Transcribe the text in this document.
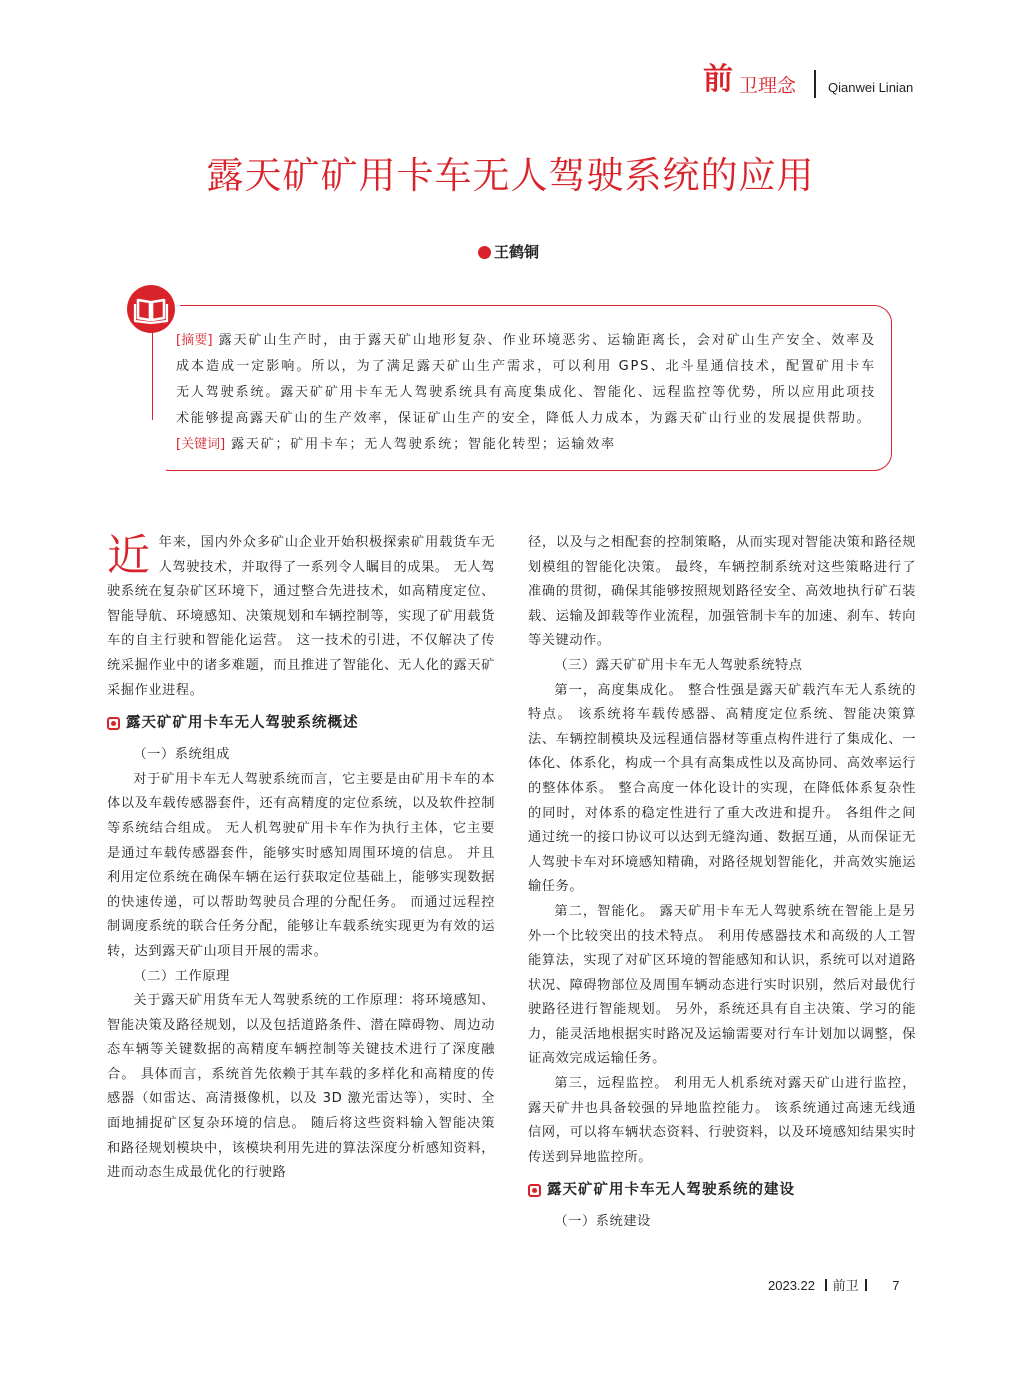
前 卫理念 Qianwei Linian
露天矿矿用卡车无人驾驶系统的应用
王鹤铜

[摘要] 露天矿山生产时，由于露天矿山地形复杂、作业环境恶劣、运输距离长，会对矿山生产安全、效率及成本造成一定影响。所以，为了满足露天矿山生产需求，可以利用 GPS、北斗星通信技术，配置矿用卡车无人驾驶系统。露天矿矿用卡车无人驾驶系统具有高度集成化、智能化、远程监控等优势，所以应用此项技术能够提高露天矿山的生产效率，保证矿山生产的安全，降低人力成本，为露天矿山行业的发展提供帮助。

[关键词] 露天矿；矿用卡车；无人驾驶系统；智能化转型；运输效率

近年来，国内外众多矿山企业开始积极探索矿用载货车无人驾驶技术，并取得了一系列令人瞩目的成果。 无人驾驶系统在复杂矿区环境下，通过整合先进技术，如高精度定位、智能导航、环境感知、决策规划和车辆控制等，实现了矿用载货车的自主行驶和智能化运营。 这一技术的引进，不仅解决了传统采掘作业中的诸多难题，而且推进了智能化、无人化的露天矿采掘作业进程。

露天矿矿用卡车无人驾驶系统概述

（一）系统组成

对于矿用卡车无人驾驶系统而言，它主要是由矿用卡车的本体以及车载传感器套件，还有高精度的定位系统，以及软件控制等系统结合组成。 无人机驾驶矿用卡车作为执行主体，它主要是通过车载传感器套件，能够实时感知周围环境的信息。 并且利用定位系统在确保车辆在运行获取定位基础上，能够实现数据的快速传递，可以帮助驾驶员合理的分配任务。 而通过远程控制调度系统的联合任务分配，能够让车载系统实现更为有效的运转，达到露天矿山项目开展的需求。

（二）工作原理

关于露天矿用货车无人驾驶系统的工作原理：将环境感知、智能决策及路径规划，以及包括道路条件、潜在障碍物、周边动态车辆等关键数据的高精度车辆控制等关键技术进行了深度融合。 具体而言，系统首先依赖于其车载的多样化和高精度的传感器（如雷达、高清摄像机，以及 3D 激光雷达等），实时、全面地捕捉矿区复杂环境的信息。 随后将这些资料输入智能决策和路径规划模块中，该模块利用先进的算法深度分析感知资料，进而动态生成最优化的行驶路

径，以及与之相配套的控制策略，从而实现对智能决策和路径规划模组的智能化决策。 最终，车辆控制系统对这些策略进行了准确的贯彻，确保其能够按照规划路径安全、高效地执行矿石装载、运输及卸载等作业流程，加强管制卡车的加速、刹车、转向等关键动作。

（三）露天矿矿用卡车无人驾驶系统特点

第一，高度集成化。 整合性强是露天矿载汽车无人系统的特点。 该系统将车载传感器、高精度定位系统、智能决策算法、车辆控制模块及远程通信器材等重点构件进行了集成化、一体化、体系化，构成一个具有高集成性以及高协同、高效率运行的整体体系。 整合高度一体化设计的实现，在降低体系复杂性的同时，对体系的稳定性进行了重大改进和提升。 各组件之间通过统一的接口协议可以达到无缝沟通、数据互通，从而保证无人驾驶卡车对环境感知精确，对路径规划智能化，并高效实施运输任务。

第二，智能化。 露天矿用卡车无人驾驶系统在智能上是另外一个比较突出的技术特点。 利用传感器技术和高级的人工智能算法，实现了对矿区环境的智能感知和认识，系统可以对道路状况、障碍物部位及周围车辆动态进行实时识别，然后对最优行驶路径进行智能规划。 另外，系统还具有自主决策、学习的能力，能灵活地根据实时路况及运输需要对行车计划加以调整，保证高效完成运输任务。

第三，远程监控。 利用无人机系统对露天矿山进行监控，露天矿井也具备较强的异地监控能力。 该系统通过高速无线通信网，可以将车辆状态资料、行驶资料，以及环境感知结果实时传送到异地监控所。

露天矿矿用卡车无人驾驶系统的建设

（一）系统建设

2023.22 前卫	7
